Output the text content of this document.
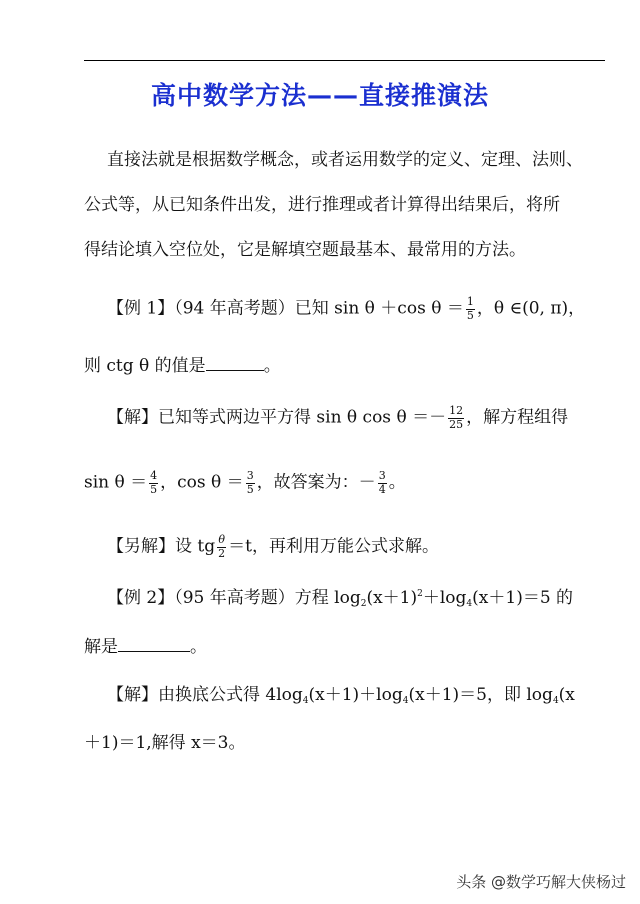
高中数学方法——直接推演法
直接法就是根据数学概念，或者运用数学的定义、定理、法则、
公式等，从已知条件出发，进行推理或者计算得出结果后，将所
得结论填入空位处，它是解填空题最基本、最常用的方法。
【例 1】（94 年高考题）已知 sin θ ＋cos $\theta = \frac{1}{5}$ ，θ ∈(0, π)，
则 ctg θ 的值是	。
【解】已知等式两边平方得 sin θ $\cos \theta =- \frac{12}{25}$ ，解方程组得
$\sin \theta = \frac{4}{5}$ ，$\cos \theta = \frac{3}{5}$ ，故答案为：－ $\frac{3}{4}$ 。
【另解】设 tg $\frac{\theta}{2} =t$，再利用万能公式求解。
【例 2】（95 年高考题）方程 $\log_2(x+1)^2+\log_4(x+1)=5$ 的
解是	。
【解】由换底公式得 $4\log_4(x+1)+\log_4(x+1)=5$，即 $\log_4(x$
＋1)＝1,解得 x＝3。
头条 @数学巧解大侠杨过
